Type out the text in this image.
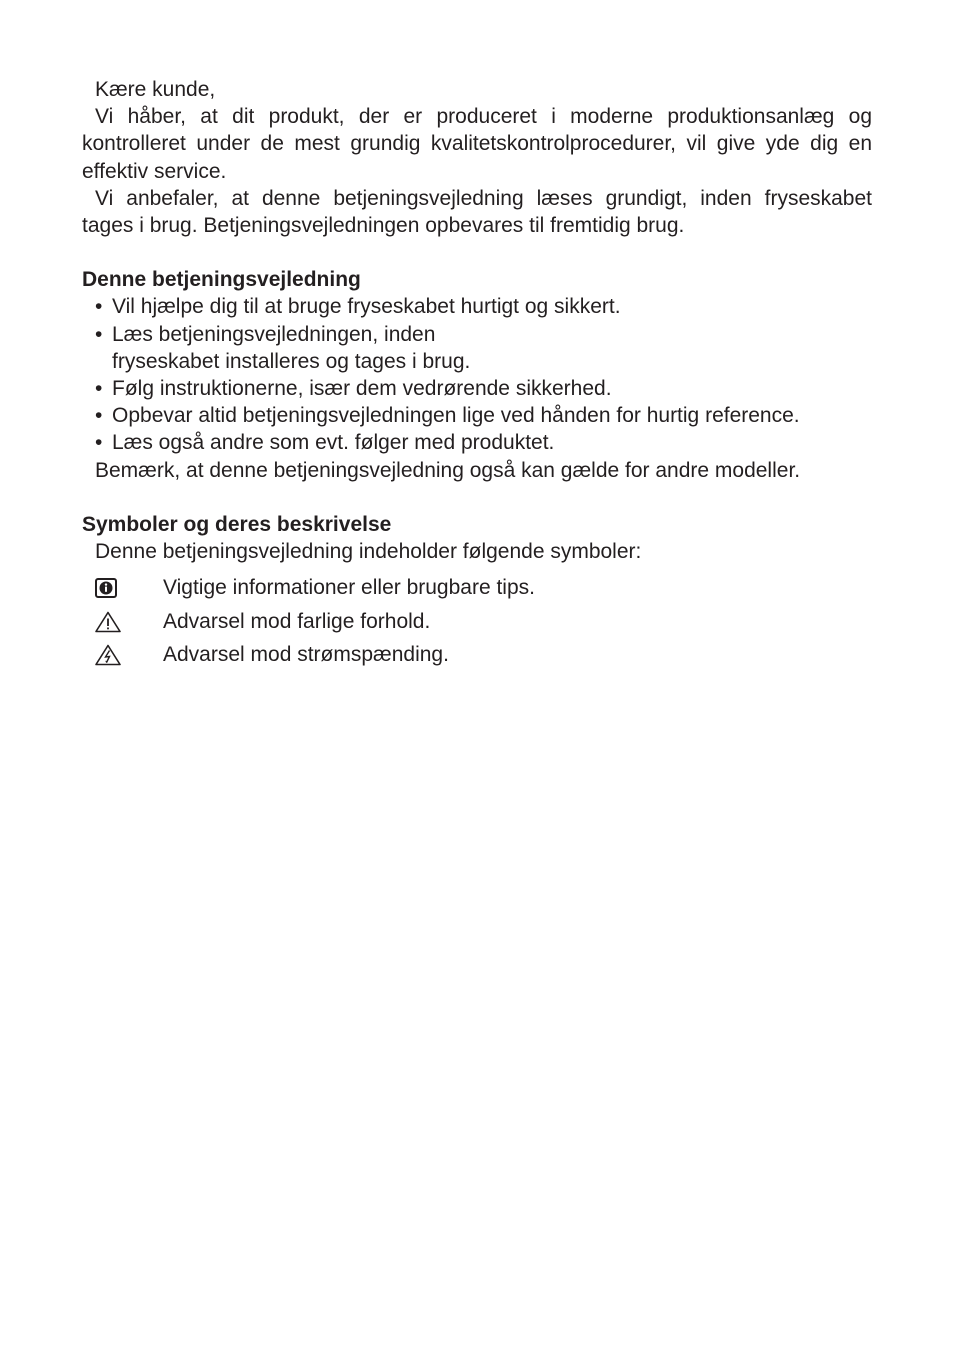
Kære kunde,

Vi håber, at dit produkt, der er produceret i moderne produktionsanlæg og kontrolleret under de mest grundig kvalitetskontrolprocedurer, vil give yde dig en effektiv service.

Vi anbefaler, at denne betjeningsvejledning læses grundigt, inden fryseskabet tages i brug. Betjeningsvejledningen opbevares til fremtidig brug.

Denne betjeningsvejledning
• Vil hjælpe dig til at bruge fryseskabet hurtigt og sikkert.
• Læs betjeningsvejledningen, inden fryseskabet installeres og tages i brug.
• Følg instruktionerne, især dem vedrørende sikkerhed.
• Opbevar altid betjeningsvejledningen lige ved hånden for hurtig reference.
• Læs også andre som evt. følger med produktet.

Bemærk, at denne betjeningsvejledning også kan gælde for andre modeller.

Symboler og deres beskrivelse

Denne betjeningsvejledning indeholder følgende symboler:

Vigtige informationer eller brugbare tips.
Advarsel mod farlige forhold.
Advarsel mod strømspænding.
